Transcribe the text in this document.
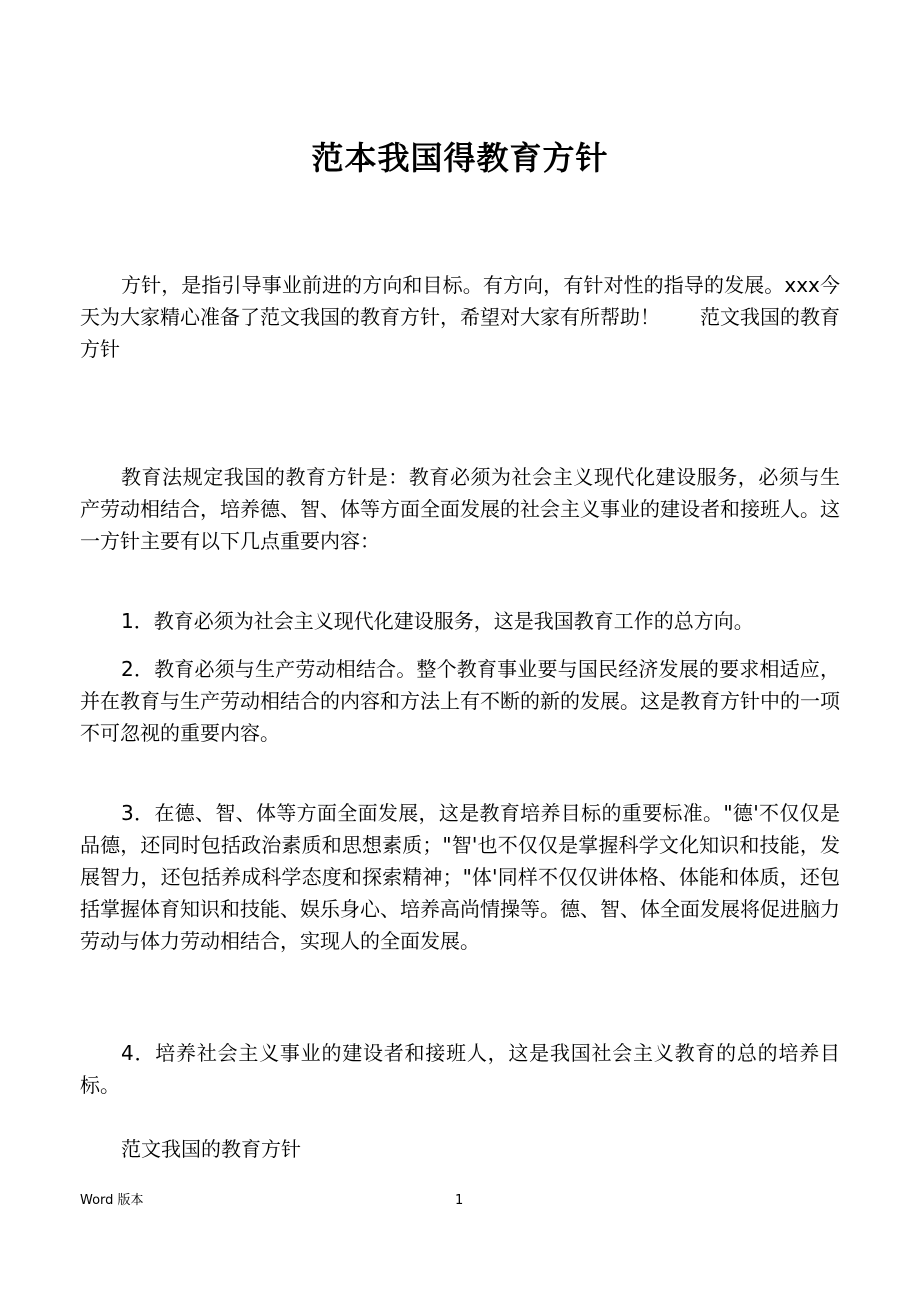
范本我国得教育方针

方针，是指引导事业前进的方向和目标。有方向，有针对性的指导的发展。xxx今天为大家精心准备了范文我国的教育方针，希望对大家有所帮助！　　范文我国的教育方针

教育法规定我国的教育方针是：教育必须为社会主义现代化建设服务，必须与生产劳动相结合，培养德、智、体等方面全面发展的社会主义事业的建设者和接班人。这一方针主要有以下几点重要内容：

1．教育必须为社会主义现代化建设服务，这是我国教育工作的总方向。

2．教育必须与生产劳动相结合。整个教育事业要与国民经济发展的要求相适应，并在教育与生产劳动相结合的内容和方法上有不断的新的发展。这是教育方针中的一项不可忽视的重要内容。

3．在德、智、体等方面全面发展，这是教育培养目标的重要标准。"德'不仅仅是品德，还同时包括政治素质和思想素质；"智'也不仅仅是掌握科学文化知识和技能，发展智力，还包括养成科学态度和探索精神；"体'同样不仅仅讲体格、体能和体质，还包括掌握体育知识和技能、娱乐身心、培养高尚情操等。德、智、体全面发展将促进脑力劳动与体力劳动相结合，实现人的全面发展。

4．培养社会主义事业的建设者和接班人，这是我国社会主义教育的总的培养目标。

范文我国的教育方针

Word 版本	1
